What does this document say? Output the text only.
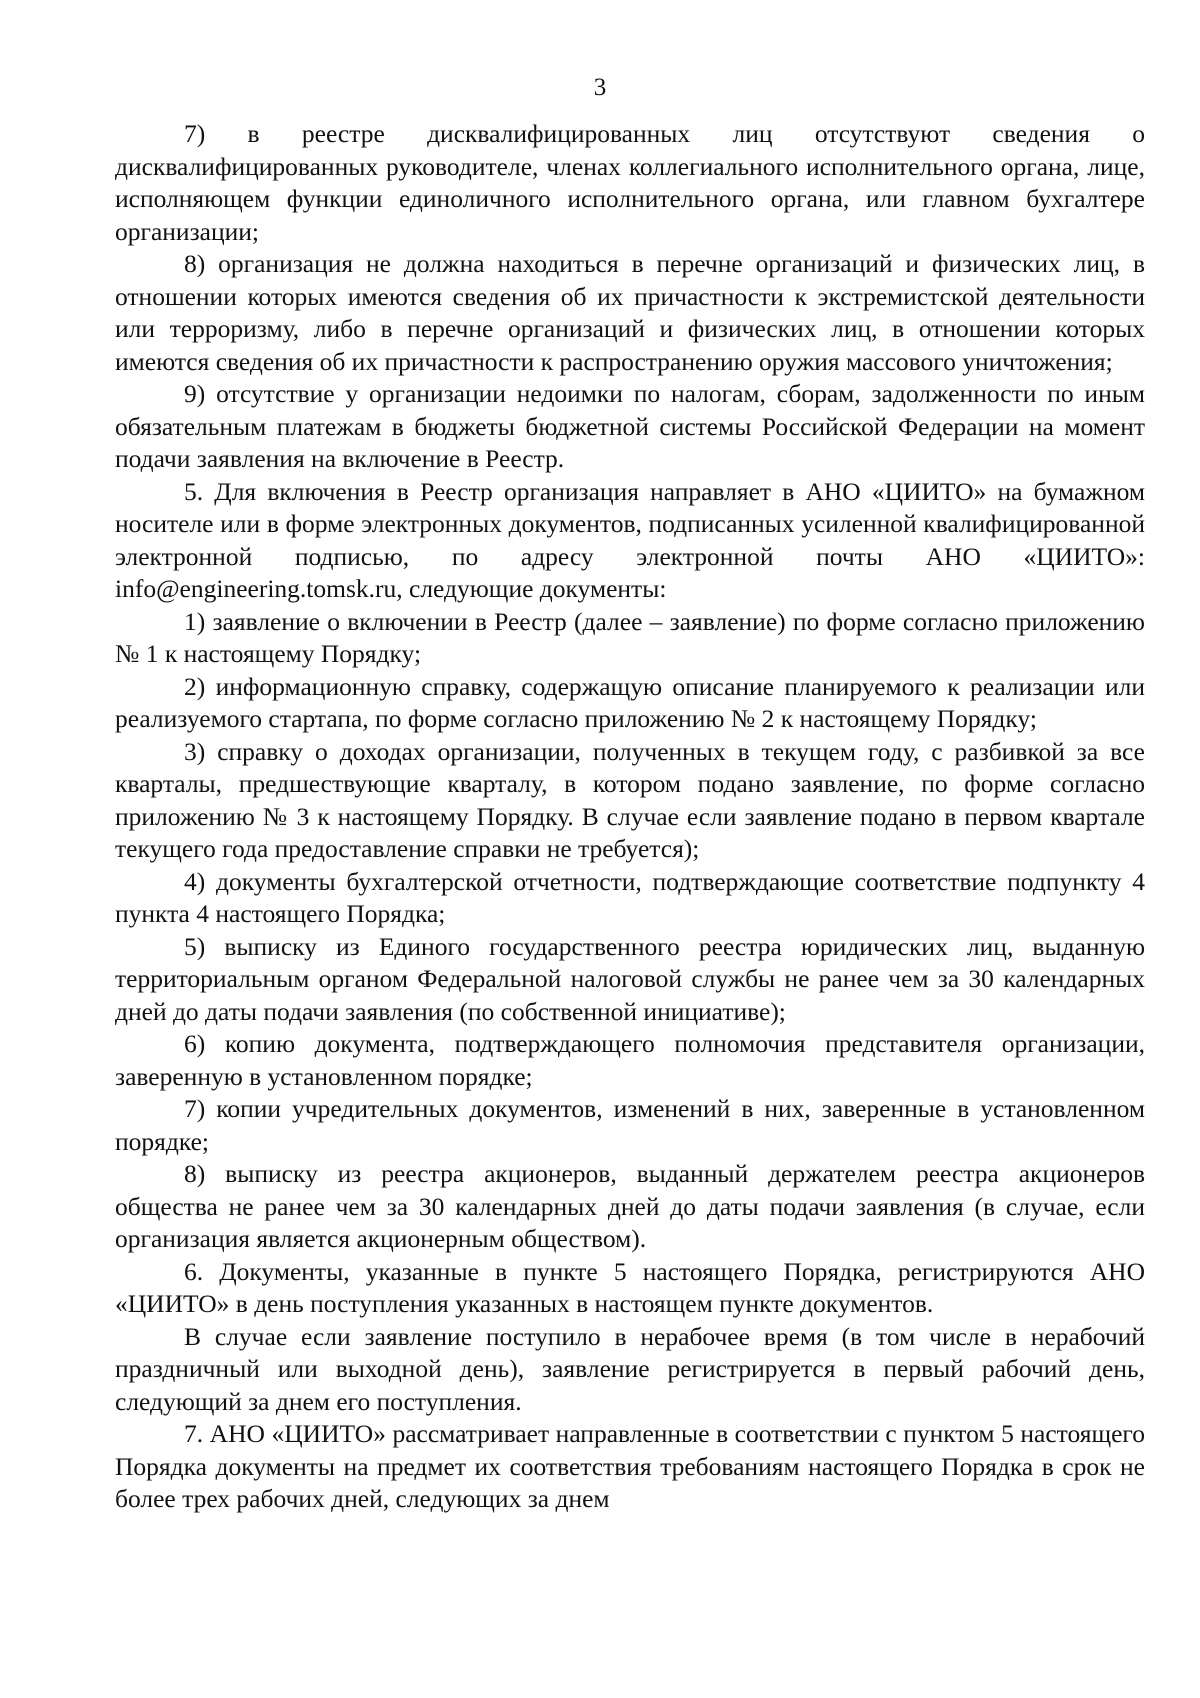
3

7) в реестре дисквалифицированных лиц отсутствуют сведения о дисквалифицированных руководителе, членах коллегиального исполнительного органа, лице, исполняющем функции единоличного исполнительного органа, или главном бухгалтере организации;

8) организация не должна находиться в перечне организаций и физических лиц, в отношении которых имеются сведения об их причастности к экстремистской деятельности или терроризму, либо в перечне организаций и физических лиц, в отношении которых имеются сведения об их причастности к распространению оружия массового уничтожения;

9) отсутствие у организации недоимки по налогам, сборам, задолженности по иным обязательным платежам в бюджеты бюджетной системы Российской Федерации на момент подачи заявления на включение в Реестр.

5. Для включения в Реестр организация направляет в АНО «ЦИИТО» на бумажном носителе или в форме электронных документов, подписанных усиленной квалифицированной электронной подписью, по адресу электронной почты АНО «ЦИИТО»: info@engineering.tomsk.ru, следующие документы:

1) заявление о включении в Реестр (далее – заявление) по форме согласно приложению № 1 к настоящему Порядку;

2) информационную справку, содержащую описание планируемого к реализации или реализуемого стартапа, по форме согласно приложению № 2 к настоящему Порядку;

3) справку о доходах организации, полученных в текущем году, с разбивкой за все кварталы, предшествующие кварталу, в котором подано заявление, по форме согласно приложению № 3 к настоящему Порядку. В случае если заявление подано в первом квартале текущего года предоставление справки не требуется);

4) документы бухгалтерской отчетности, подтверждающие соответствие подпункту 4 пункта 4 настоящего Порядка;

5) выписку из Единого государственного реестра юридических лиц, выданную территориальным органом Федеральной налоговой службы не ранее чем за 30 календарных дней до даты подачи заявления (по собственной инициативе);

6) копию документа, подтверждающего полномочия представителя организации, заверенную в установленном порядке;

7) копии учредительных документов, изменений в них, заверенные в установленном порядке;

8) выписку из реестра акционеров, выданный держателем реестра акционеров общества не ранее чем за 30 календарных дней до даты подачи заявления (в случае, если организация является акционерным обществом).

6. Документы, указанные в пункте 5 настоящего Порядка, регистрируются АНО «ЦИИТО» в день поступления указанных в настоящем пункте документов.

В случае если заявление поступило в нерабочее время (в том числе в нерабочий праздничный или выходной день), заявление регистрируется в первый рабочий день, следующий за днем его поступления.

7. АНО «ЦИИТО» рассматривает направленные в соответствии с пунктом 5 настоящего Порядка документы на предмет их соответствия требованиям настоящего Порядка в срок не более трех рабочих дней, следующих за днем
